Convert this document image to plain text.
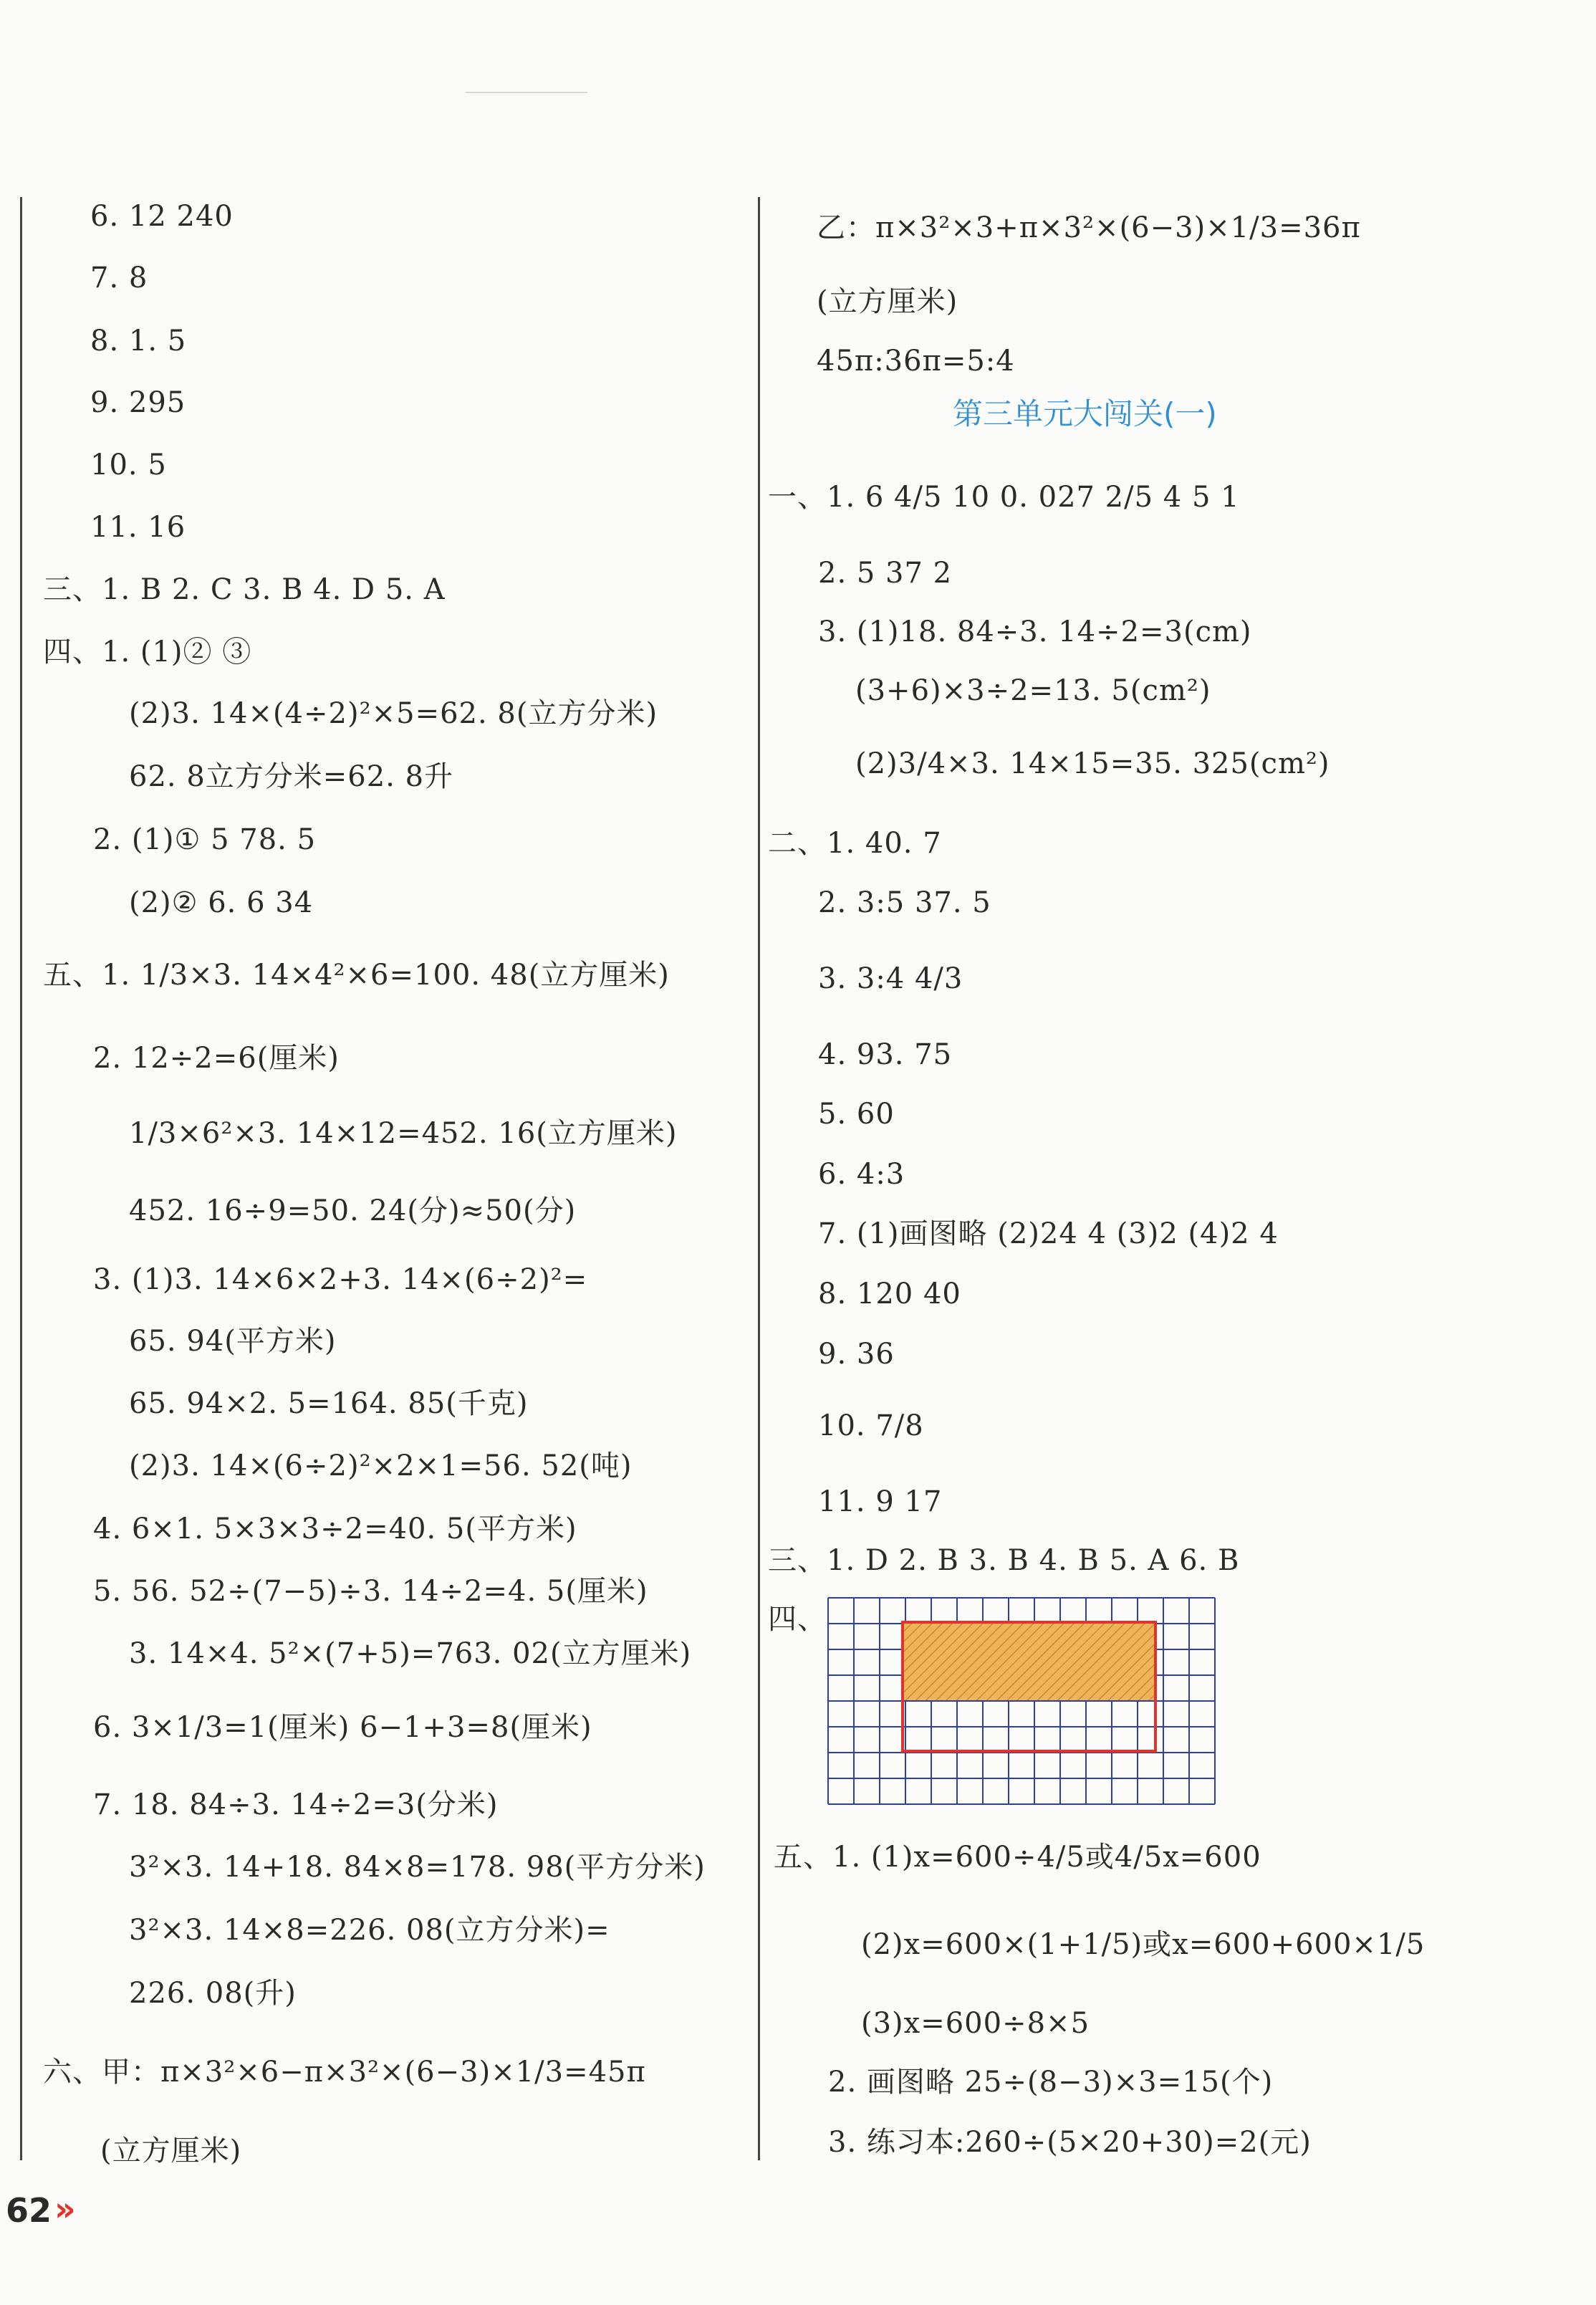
6. 12 240
7. 8
8. 1. 5
9. 295
10. 5
11. 16
三、1. B 2. C 3. B 4. D 5. A
四、1. (1)② ③
(2)3. 14×(4÷2)²×5=62. 8(立方分米)
62. 8立方分米=62. 8升
2. (1)① 5 78. 5
(2)② 6. 6 34
五、1. 1/3×3. 14×4²×6=100. 48(立方厘米)
2. 12÷2=6(厘米)
1/3×6²×3. 14×12=452. 16(立方厘米)
452. 16÷9=50. 24(分)≈50(分)
3. (1)3. 14×6×2+3. 14×(6÷2)²=
65. 94(平方米)
65. 94×2. 5=164. 85(千克)
(2)3. 14×(6÷2)²×2×1=56. 52(吨)
4. 6×1. 5×3×3÷2=40. 5(平方米)
5. 56. 52÷(7−5)÷3. 14÷2=4. 5(厘米)
3. 14×4. 5²×(7+5)=763. 02(立方厘米)
6. 3×1/3=1(厘米) 6−1+3=8(厘米)
7. 18. 84÷3. 14÷2=3(分米)
3²×3. 14+18. 84×8=178. 98(平方分米)
3²×3. 14×8=226. 08(立方分米)=
226. 08(升)
六、甲：π×3²×6−π×3²×(6−3)×1/3=45π
(立方厘米)
乙：π×3²×3+π×3²×(6−3)×1/3=36π
(立方厘米)
45π:36π=5:4
第三单元大闯关(一)
一、1. 6 4/5 10 0. 027 2/5 4 5 1
2. 5 37 2
3. (1)18. 84÷3. 14÷2=3(cm)
(3+6)×3÷2=13. 5(cm²)
(2)3/4×3. 14×15=35. 325(cm²)
二、1. 40. 7
2. 3:5 37. 5
3. 3:4 4/3
4. 93. 75
5. 60
6. 4:3
7. (1)画图略 (2)24 4 (3)2 (4)2 4
8. 120 40
9. 36
10. 7/8
11. 9 17
三、1. D 2. B 3. B 4. B 5. A 6. B
四、
五、1. (1)x=600÷4/5或4/5x=600
(2)x=600×(1+1/5)或x=600+600×1/5
(3)x=600÷8×5
2. 画图略 25÷(8−3)×3=15(个)
3. 练习本:260÷(5×20+30)=2(元)
62 »
